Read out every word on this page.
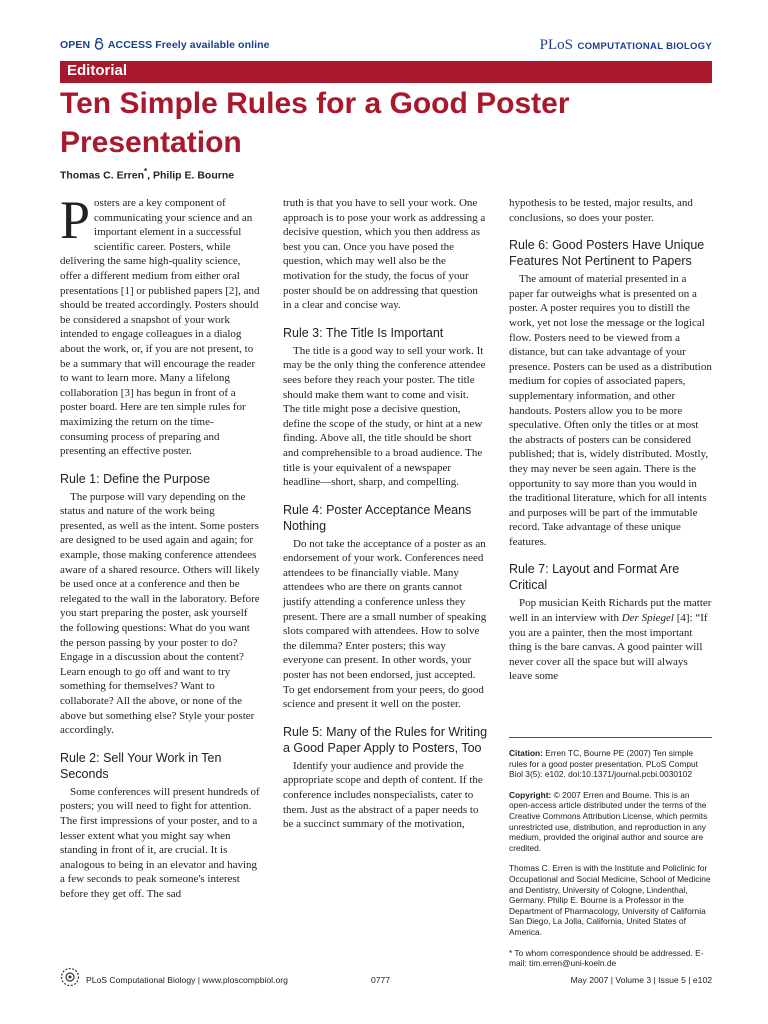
OPEN ACCESS Freely available online	PLoS COMPUTATIONAL BIOLOGY
Editorial
Ten Simple Rules for a Good Poster Presentation
Thomas C. Erren*, Philip E. Bourne

Posters are a key component of communicating your science and an important element in a successful scientific career. Posters, while delivering the same high-quality science, offer a different medium from either oral presentations [1] or published papers [2], and should be treated accordingly. Posters should be considered a snapshot of your work intended to engage colleagues in a dialog about the work, or, if you are not present, to be a summary that will encourage the reader to want to learn more. Many a lifelong collaboration [3] has begun in front of a poster board. Here are ten simple rules for maximizing the return on the time-consuming process of preparing and presenting an effective poster.

Rule 1: Define the Purpose

The purpose will vary depending on the status and nature of the work being presented, as well as the intent. Some posters are designed to be used again and again; for example, those making conference attendees aware of a shared resource. Others will likely be used once at a conference and then be relegated to the wall in the laboratory. Before you start preparing the poster, ask yourself the following questions: What do you want the person passing by your poster to do? Engage in a discussion about the content? Learn enough to go off and want to try something for themselves? Want to collaborate? All the above, or none of the above but something else? Style your poster accordingly.

Rule 2: Sell Your Work in Ten Seconds

Some conferences will present hundreds of posters; you will need to fight for attention. The first impressions of your poster, and to a lesser extent what you might say when standing in front of it, are crucial. It is analogous to being in an elevator and having a few seconds to peak someone's interest before they get off. The sad

truth is that you have to sell your work. One approach is to pose your work as addressing a decisive question, which you then address as best you can. Once you have posed the question, which may well also be the motivation for the study, the focus of your poster should be on addressing that question in a clear and concise way.

Rule 3: The Title Is Important

The title is a good way to sell your work. It may be the only thing the conference attendee sees before they reach your poster. The title should make them want to come and visit. The title might pose a decisive question, define the scope of the study, or hint at a new finding. Above all, the title should be short and comprehensible to a broad audience. The title is your equivalent of a newspaper headline—short, sharp, and compelling.

Rule 4: Poster Acceptance Means Nothing

Do not take the acceptance of a poster as an endorsement of your work. Conferences need attendees to be financially viable. Many attendees who are there on grants cannot justify attending a conference unless they present. There are a small number of speaking slots compared with attendees. How to solve the dilemma? Enter posters; this way everyone can present. In other words, your poster has not been endorsed, just accepted. To get endorsement from your peers, do good science and present it well on the poster.

Rule 5: Many of the Rules for Writing a Good Paper Apply to Posters, Too

Identify your audience and provide the appropriate scope and depth of content. If the conference includes nonspecialists, cater to them. Just as the abstract of a paper needs to be a succinct summary of the motivation,

hypothesis to be tested, major results, and conclusions, so does your poster.

Rule 6: Good Posters Have Unique Features Not Pertinent to Papers

The amount of material presented in a paper far outweighs what is presented on a poster. A poster requires you to distill the work, yet not lose the message or the logical flow. Posters need to be viewed from a distance, but can take advantage of your presence. Posters can be used as a distribution medium for copies of associated papers, supplementary information, and other handouts. Posters allow you to be more speculative. Often only the titles or at most the abstracts of posters can be considered published; that is, widely distributed. Mostly, they may never be seen again. There is the opportunity to say more than you would in the traditional literature, which for all intents and purposes will be part of the immutable record. Take advantage of these unique features.

Rule 7: Layout and Format Are Critical

Pop musician Keith Richards put the matter well in an interview with Der Spiegel [4]: “If you are a painter, then the most important thing is the bare canvas. A good painter will never cover all the space but will always leave some

Citation: Erren TC, Bourne PE (2007) Ten simple rules for a good poster presentation. PLoS Comput Biol 3(5): e102. doi:10.1371/journal.pcbi.0030102

Copyright: © 2007 Erren and Bourne. This is an open-access article distributed under the terms of the Creative Commons Attribution License, which permits unrestricted use, distribution, and reproduction in any medium, provided the original author and source are credited.

Thomas C. Erren is with the Institute and Policlinic for Occupational and Social Medicine, School of Medicine and Dentistry, University of Cologne, Lindenthal, Germany. Philip E. Bourne is a Professor in the Department of Pharmacology, University of California San Diego, La Jolla, California, United States of America.

* To whom correspondence should be addressed. E-mail: tim.erren@uni-koeln.de

PLoS Computational Biology | www.ploscompbiol.org	0777	May 2007 | Volume 3 | Issue 5 | e102
